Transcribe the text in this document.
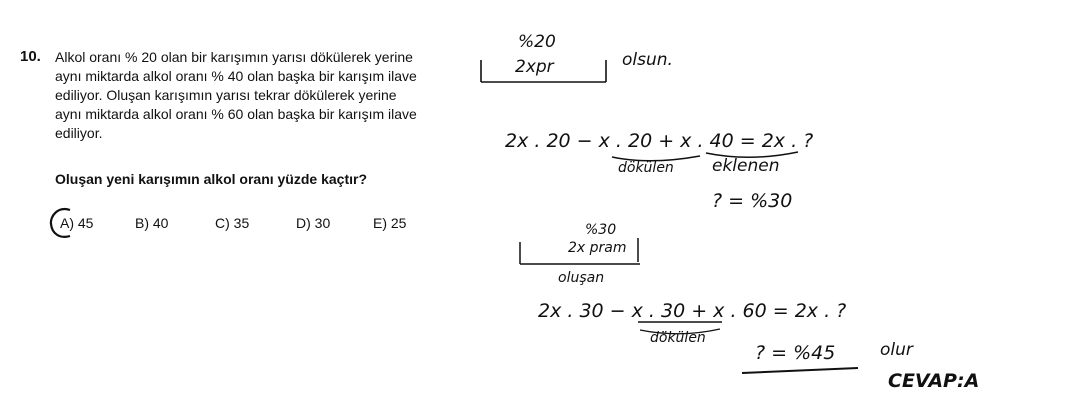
10. Alkol oranı % 20 olan bir karışımın yarısı dökülerek yerine aynı miktarda alkol oranı % 40 olan başka bir karışım ilave ediliyor. Oluşan karışımın yarısı tekrar dökülerek yerine aynı miktarda alkol oranı % 60 olan başka bir karışım ilave ediliyor.

Oluşan yeni karışımın alkol oranı yüzde kaçtır?

A) 45	B) 40	C) 35	D) 30	E) 25
%20
2xpr	olsun.
2x . 20 − x . 20 + x . 40 = 2x . ?
dökülen eklenen
? = %30
%30
2x pram
oluşan
2x . 30 − x . 30 + x . 60 = 2x . ?
dökülen
? = %45	olur
CEVAP:A
